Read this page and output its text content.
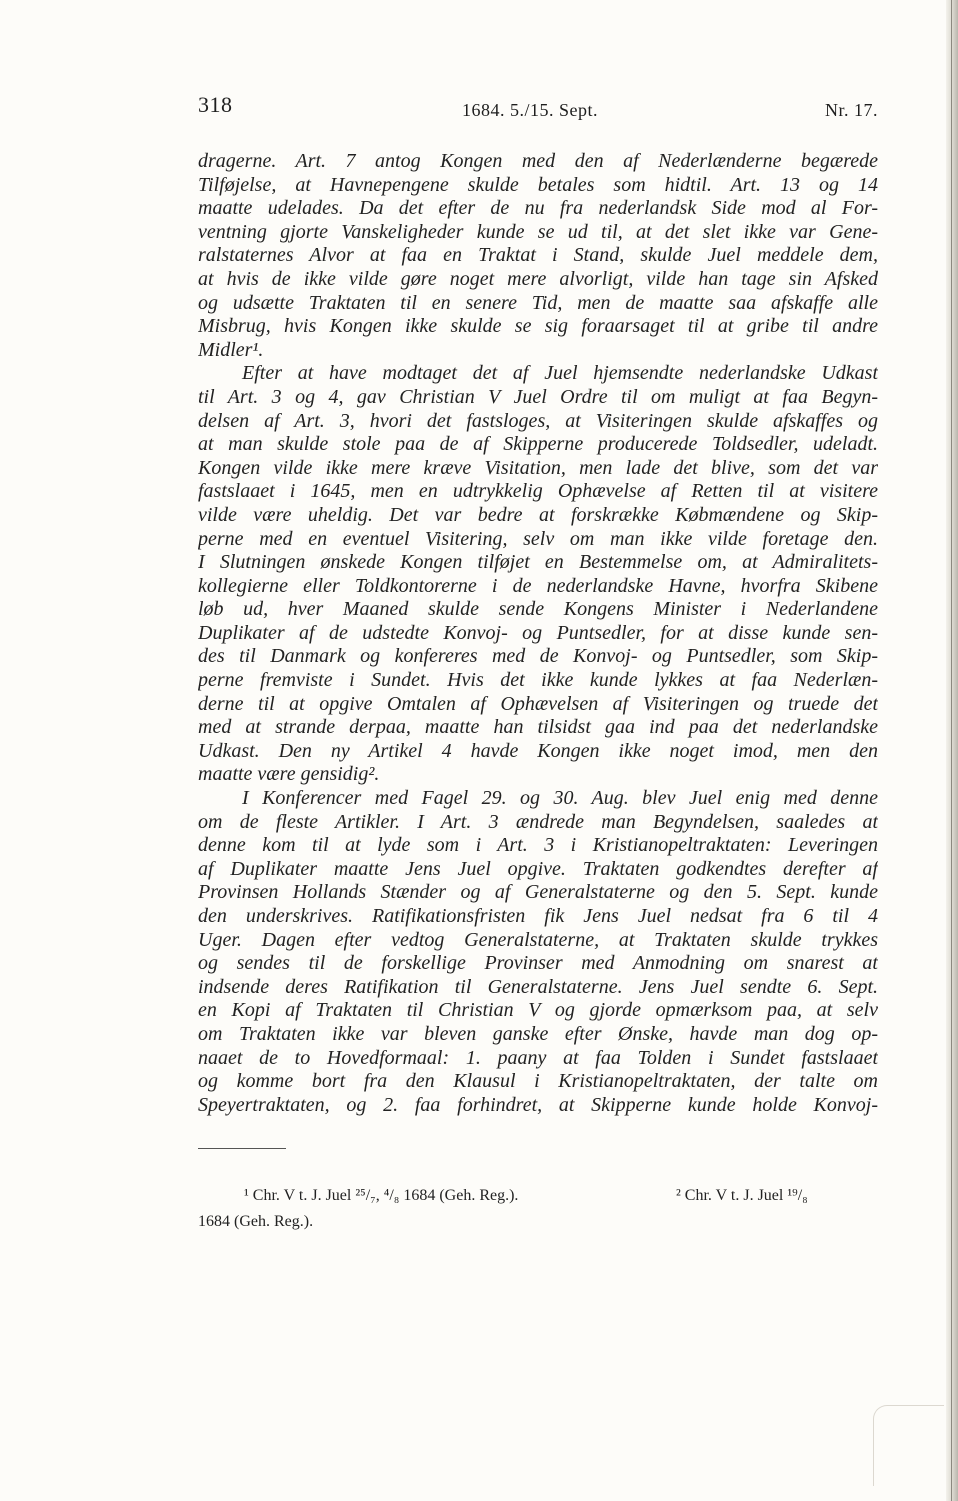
318	1684. 5./15. Sept.	Nr. 17.
dragerne. Art. 7 antog Kongen med den af Nederlænderne begærede
Tilføjelse, at Havnepengene skulde betales som hidtil. Art. 13 og 14
maatte udelades. Da det efter de nu fra nederlandsk Side mod al For-
ventning gjorte Vanskeligheder kunde se ud til, at det slet ikke var Gene-
ralstaternes Alvor at faa en Traktat i Stand, skulde Juel meddele dem,
at hvis de ikke vilde gøre noget mere alvorligt, vilde han tage sin Afsked
og udsætte Traktaten til en senere Tid, men de maatte saa afskaffe alle
Misbrug, hvis Kongen ikke skulde se sig foraarsaget til at gribe til andre
Midler¹.
Efter at have modtaget det af Juel hjemsendte nederlandske Udkast
til Art. 3 og 4, gav Christian V Juel Ordre til om muligt at faa Begyn-
delsen af Art. 3, hvori det fastsloges, at Visiteringen skulde afskaffes og
at man skulde stole paa de af Skipperne producerede Toldsedler, udeladt.
Kongen vilde ikke mere kræve Visitation, men lade det blive, som det var
fastslaaet i 1645, men en udtrykkelig Ophævelse af Retten til at visitere
vilde være uheldig. Det var bedre at forskrække Købmændene og Skip-
perne med en eventuel Visitering, selv om man ikke vilde foretage den.
I Slutningen ønskede Kongen tilføjet en Bestemmelse om, at Admiralitets-
kollegierne eller Toldkontorerne i de nederlandske Havne, hvorfra Skibene
løb ud, hver Maaned skulde sende Kongens Minister i Nederlandene
Duplikater af de udstedte Konvoj- og Puntsedler, for at disse kunde sen-
des til Danmark og konfereres med de Konvoj- og Puntsedler, som Skip-
perne fremviste i Sundet. Hvis det ikke kunde lykkes at faa Nederlæn-
derne til at opgive Omtalen af Ophævelsen af Visiteringen og truede det
med at strande derpaa, maatte han tilsidst gaa ind paa det nederlandske
Udkast. Den ny Artikel 4 havde Kongen ikke noget imod, men den
maatte være gensidig².
I Konferencer med Fagel 29. og 30. Aug. blev Juel enig med denne
om de fleste Artikler. I Art. 3 ændrede man Begyndelsen, saaledes at
denne kom til at lyde som i Art. 3 i Kristianopeltraktaten: Leveringen
af Duplikater maatte Jens Juel opgive. Traktaten godkendtes derefter af
Provinsen Hollands Stænder og af Generalstaterne og den 5. Sept. kunde
den underskrives. Ratifikationsfristen fik Jens Juel nedsat fra 6 til 4
Uger. Dagen efter vedtog Generalstaterne, at Traktaten skulde trykkes
og sendes til de forskellige Provinser med Anmodning om snarest at
indsende deres Ratifikation til Generalstaterne. Jens Juel sendte 6. Sept.
en Kopi af Traktaten til Christian V og gjorde opmærksom paa, at selv
om Traktaten ikke var bleven ganske efter Ønske, havde man dog op-
naaet de to Hovedformaal: 1. paany at faa Tolden i Sundet fastslaaet
og komme bort fra den Klausul i Kristianopeltraktaten, der talte om
Speyertraktaten, og 2. faa forhindret, at Skipperne kunde holde Konvoj-
¹ Chr. V t. J. Juel ²⁵/₇, ⁴/₈ 1684 (Geh. Reg.).	² Chr. V t. J. Juel ¹⁹/₈
1684 (Geh. Reg.).
